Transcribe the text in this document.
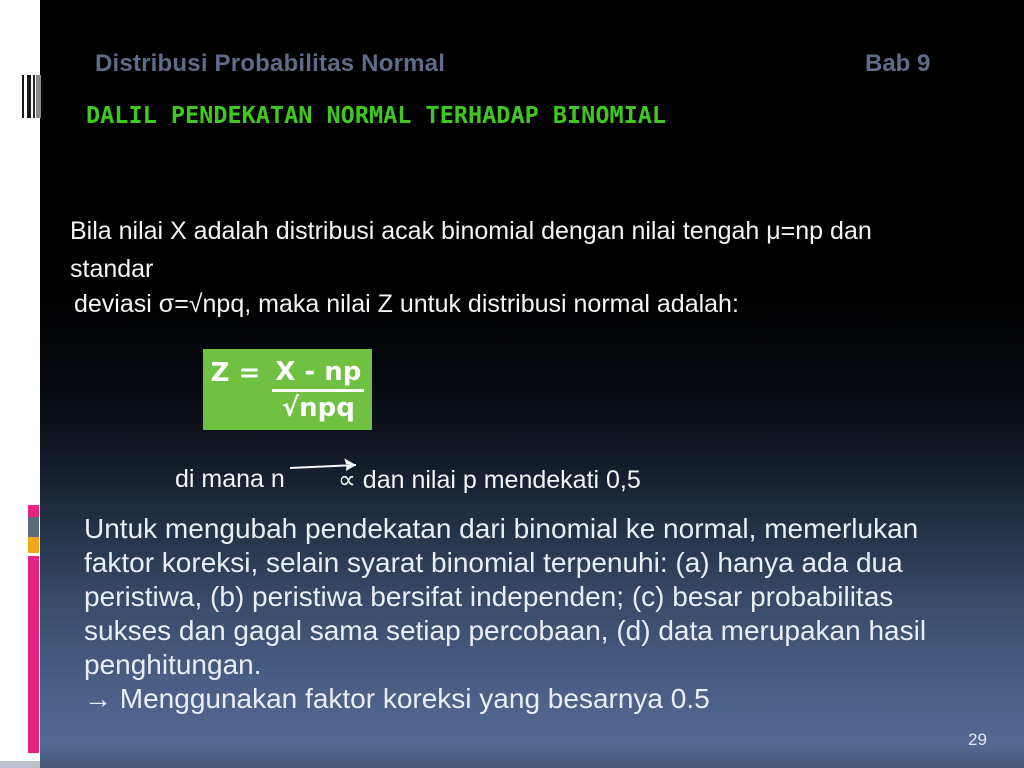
Distribusi Probabilitas Normal	Bab 9
DALIL PENDEKATAN NORMAL TERHADAP BINOMIAL
Bila nilai X adalah distribusi acak binomial dengan nilai tengah μ=np dan
standar
deviasi σ=√npq, maka nilai Z untuk distribusi normal adalah:
$Z = \frac{X - np}{\text{√npq}}$
di mana n ∝ dan nilai p mendekati 0,5
Untuk mengubah pendekatan dari binomial ke normal, memerlukan
faktor koreksi, selain syarat binomial terpenuhi: (a) hanya ada dua
peristiwa, (b) peristiwa bersifat independen; (c) besar probabilitas
sukses dan gagal sama setiap percobaan, (d) data merupakan hasil
penghitungan.
→ Menggunakan faktor koreksi yang besarnya 0.5
29
